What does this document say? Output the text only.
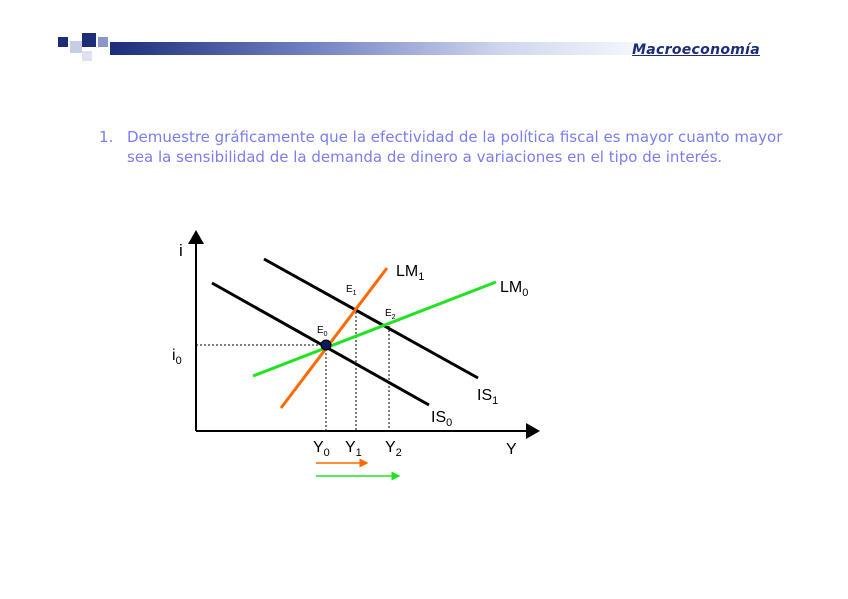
Macroeconomía
1. Demuestre gráficamente que la efectividad de la política fiscal es mayor cuanto mayor sea la sensibilidad de la demanda de dinero a variaciones en el tipo de interés.
i
Y
$i_0$
$Y_0$ $Y_1$ $Y_2$
$LM_1$
$LM_0$
$IS_1$
$IS_0$
$E_0$
$E_1$
$E_2$
